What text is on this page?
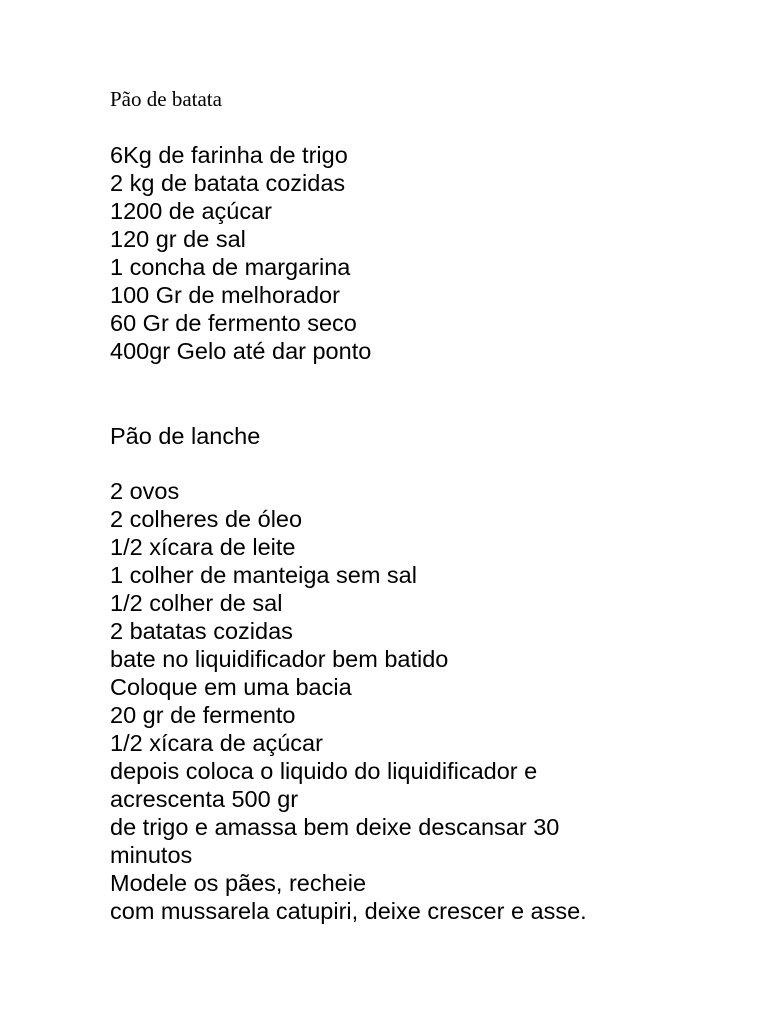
Pão de batata
6Kg de farinha de trigo
2 kg de batata cozidas
1200 de açúcar
120 gr de sal
1 concha de margarina
100 Gr de melhorador
60 Gr de fermento seco
400gr Gelo até dar ponto
Pão de lanche
2 ovos
2 colheres de óleo
1/2 xícara de leite
1 colher de manteiga sem sal
1/2 colher de sal
2 batatas cozidas
bate no liquidificador bem batido
Coloque em uma bacia
20 gr de fermento
1/2 xícara de açúcar
depois coloca o liquido do liquidificador e
acrescenta 500 gr
de trigo e amassa bem deixe descansar 30
minutos
Modele os pães, recheie
com mussarela catupiri, deixe crescer e asse.
